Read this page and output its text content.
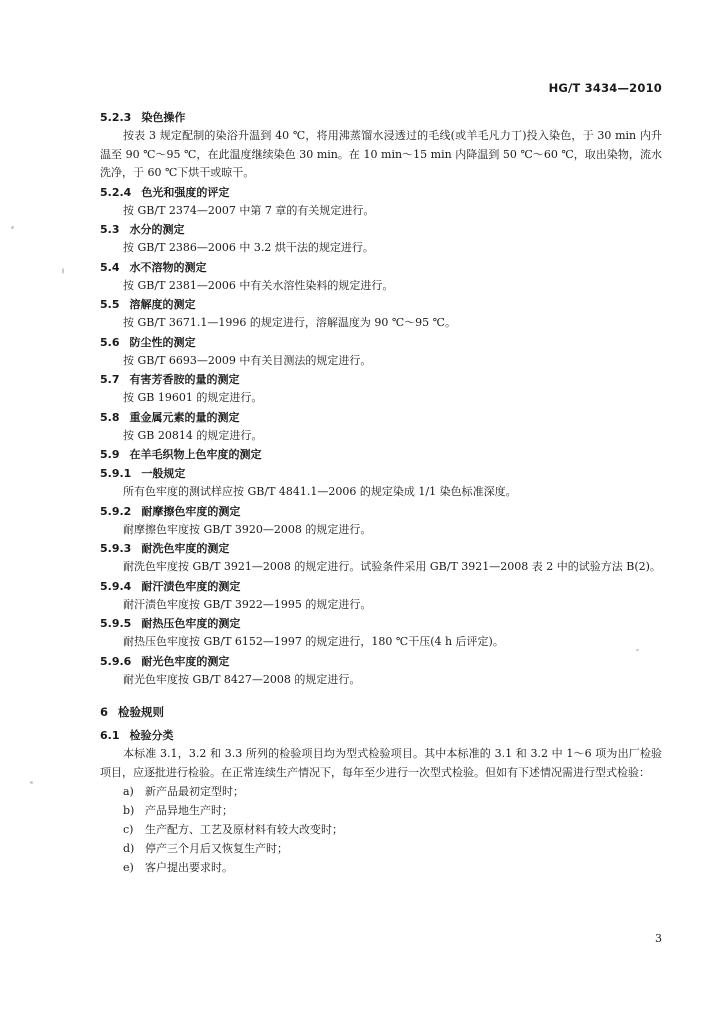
HG/T 3434—2010
5.2.3 染色操作
按表 3 规定配制的染浴升温到 40 ℃，将用沸蒸馏水浸透过的毛线(或羊毛凡力丁)投入染色，于 30 min 内升温至 90 ℃～95 ℃，在此温度继续染色 30 min。在 10 min～15 min 内降温到 50 ℃～60 ℃，取出染物，流水洗净，于 60 ℃下烘干或晾干。
5.2.4 色光和强度的评定
按 GB/T 2374—2007 中第 7 章的有关规定进行。
5.3 水分的测定
按 GB/T 2386—2006 中 3.2 烘干法的规定进行。
5.4 水不溶物的测定
按 GB/T 2381—2006 中有关水溶性染料的规定进行。
5.5 溶解度的测定
按 GB/T 3671.1—1996 的规定进行，溶解温度为 90 ℃～95 ℃。
5.6 防尘性的测定
按 GB/T 6693—2009 中有关目测法的规定进行。
5.7 有害芳香胺的量的测定
按 GB 19601 的规定进行。
5.8 重金属元素的量的测定
按 GB 20814 的规定进行。
5.9 在羊毛织物上色牢度的测定
5.9.1 一般规定
所有色牢度的测试样应按 GB/T 4841.1—2006 的规定染成 1/1 染色标准深度。
5.9.2 耐摩擦色牢度的测定
耐摩擦色牢度按 GB/T 3920—2008 的规定进行。
5.9.3 耐洗色牢度的测定
耐洗色牢度按 GB/T 3921—2008 的规定进行。试验条件采用 GB/T 3921—2008 表 2 中的试验方法 B(2)。
5.9.4 耐汗渍色牢度的测定
耐汗渍色牢度按 GB/T 3922—1995 的规定进行。
5.9.5 耐热压色牢度的测定
耐热压色牢度按 GB/T 6152—1997 的规定进行，180 ℃干压(4 h 后评定)。
5.9.6 耐光色牢度的测定
耐光色牢度按 GB/T 8427—2008 的规定进行。
6 检验规则
6.1 检验分类
本标准 3.1，3.2 和 3.3 所列的检验项目均为型式检验项目。其中本标准的 3.1 和 3.2 中 1～6 项为出厂检验项目，应逐批进行检验。在正常连续生产情况下，每年至少进行一次型式检验。但如有下述情况需进行型式检验：
a) 新产品最初定型时；
b) 产品异地生产时；
c) 生产配方、工艺及原材料有较大改变时；
d) 停产三个月后又恢复生产时；
e) 客户提出要求时。
3
